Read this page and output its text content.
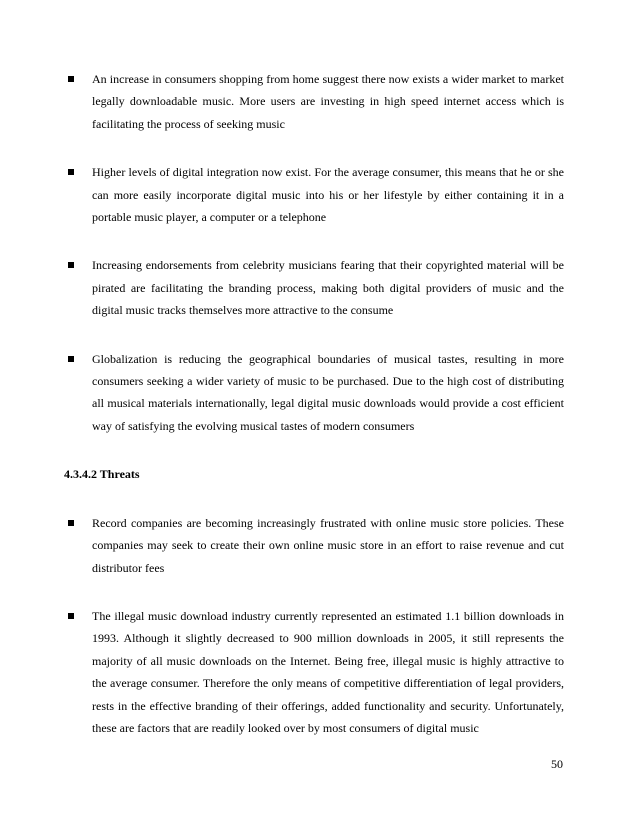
An increase in consumers shopping from home suggest there now exists a wider market to market legally downloadable music. More users are investing in high speed internet access which is facilitating the process of seeking music
Higher levels of digital integration now exist. For the average consumer, this means that he or she can more easily incorporate digital music into his or her lifestyle by either containing it in a portable music player, a computer or a telephone
Increasing endorsements from celebrity musicians fearing that their copyrighted material will be pirated are facilitating the branding process, making both digital providers of music and the digital music tracks themselves more attractive to the consume
Globalization is reducing the geographical boundaries of musical tastes, resulting in more consumers seeking a wider variety of music to be purchased. Due to the high cost of distributing all musical materials internationally, legal digital music downloads would provide a cost efficient way of satisfying the evolving musical tastes of modern consumers
4.3.4.2 Threats
Record companies are becoming increasingly frustrated with online music store policies. These companies may seek to create their own online music store in an effort to raise revenue and cut distributor fees
The illegal music download industry currently represented an estimated 1.1 billion downloads in 1993. Although it slightly decreased to 900 million downloads in 2005, it still represents the majority of all music downloads on the Internet. Being free, illegal music is highly attractive to the average consumer. Therefore the only means of competitive differentiation of legal providers, rests in the effective branding of their offerings, added functionality and security. Unfortunately, these are factors that are readily looked over by most consumers of digital music
50
